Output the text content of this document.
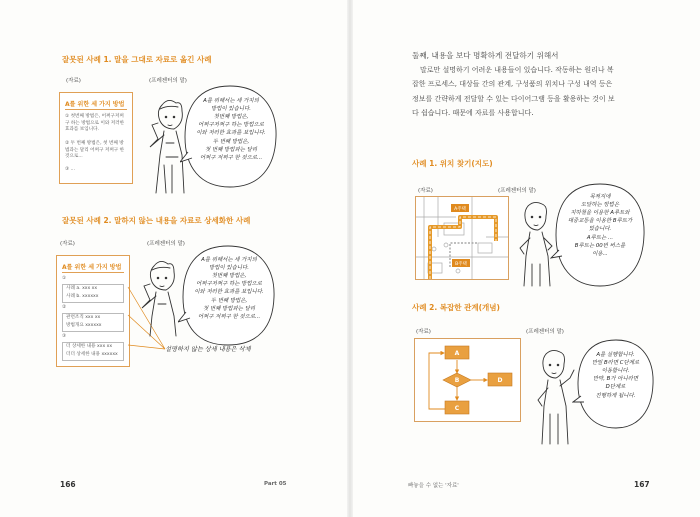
잘못된 사례 1. 말을 그대로 자료로 옮긴 사례
(자료)	(프레젠터의 말)
A를 위한 세 가지 방법
① 첫번째 방법은, 어쩌구저쩌구 하는 방법으로 이와 저러한 효과를 보입니다.
② 두 번째 방법은, 첫 번째 방법과는 달리 어쩌구 저쩌구 한 것으로...
③ ...
A를 위해서는 세 가지의
방법이 있습니다.
첫번째 방법은,
어쩌구저쩌구 하는 방법으로
이와 저러한 효과를 보입니다.
두 번째 방법은,
첫 번째 방법과는 달리
어쩌구 저쩌구 한 것으로...
잘못된 사례 2. 말하지 않는 내용을 자료로 상세화한 사례
(자료)	(프레젠터의 말)
A를 위한 세 가지 방법
①
사례 a. xxx xx
사례 b. xxxxxx
②
관련조직 xxx xx
방법개요 xxxxxx
③
더 상세한 내용 xxx xx
더더 상세한 내용 xxxxxx
A를 위해서는 세 가지의
방법이 있습니다.
첫번째 방법은,
어쩌구저쩌구 하는 방법으로
이와 저러한 효과를 보입니다.
두 번째 방법은,
첫 번째 방법과는 달리
어쩌구 저쩌구 한 것으로...
설명하지 않는 상세 내용은 삭제
166	Part 05
둘째, 내용을 보다 명확하게 전달하기 위해서
말로만 설명하기 어려운 내용들이 있습니다. 작동하는 원리나 복
잡한 프로세스, 대상들 간의 관계, 구성품의 위치나 구성 내역 등은
정보를 간략하게 전달할 수 있는 다이어그램 등을 활용하는 것이 보
다 쉽습니다. 때문에 자료를 사용합니다.
사례 1. 위치 찾기(지도)
(자료)	(프레젠터의 말)
A주택
B주택
목적지에
도달하는 방법은
지하철을 이용한 A루트와
대중교통을 이용한 B루트가
있습니다.
A루트는 ...
B루트는 00번 버스를
이용...
사례 2. 복잡한 관계(개념)
(자료)	(프레젠터의 말)
A
B
C
D
A를 실행합니다.
만일 B라면 C단계로
이동합니다.
만약, B가 아니라면
D단계로
진행하게 됩니다.
빠놓을 수 없는 '자료'	167
